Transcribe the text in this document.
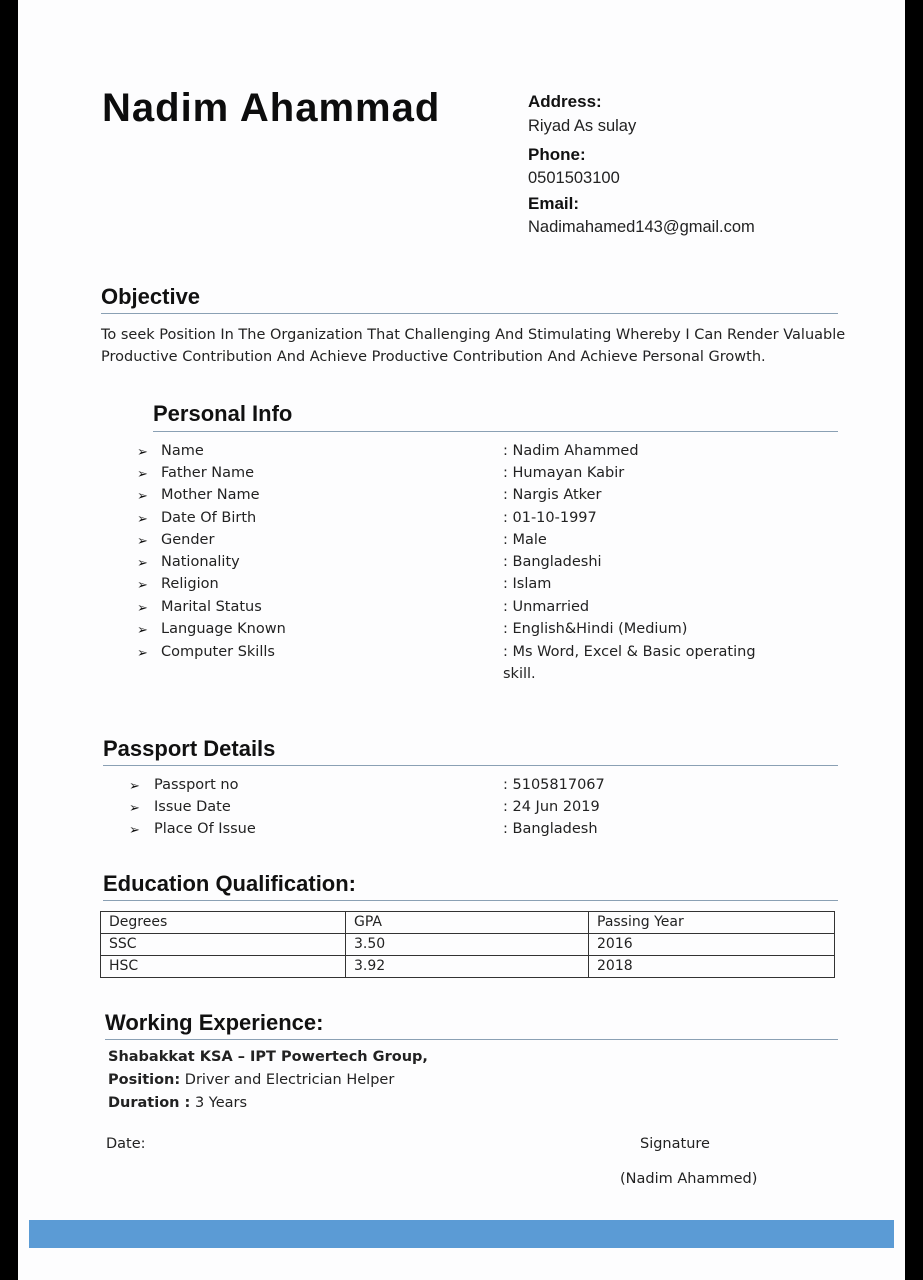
Nadim Ahammad	Address:
Riyad As sulay
Phone:
0501503100
Email:
Nadimahamed143@gmail.com
Objective
To seek Position In The Organization That Challenging And Stimulating Whereby I Can Render Valuable
Productive Contribution And Achieve Productive Contribution And Achieve Personal Growth.
Personal Info
➢ Name	: Nadim Ahammed
➢ Father Name	: Humayan Kabir
➢ Mother Name	: Nargis Atker
➢ Date Of Birth	: 01-10-1997
➢ Gender	: Male
➢ Nationality	: Bangladeshi
➢ Religion	: Islam
➢ Marital Status	: Unmarried
➢ Language Known	: English&Hindi (Medium)
➢ Computer Skills	: Ms Word, Excel & Basic operating
skill.
Passport Details
➢ Passport no	: 5105817067
➢ Issue Date	: 24 Jun 2019
➢ Place Of Issue	: Bangladesh
Education Qualification:
Degrees	GPA	Passing Year
SSC	3.50	2016
HSC	3.92	2018
Working Experience:
Shabakkat KSA – IPT Powertech Group,
Position: Driver and Electrician Helper
Duration : 3 Years
Date:	Signature
(Nadim Ahammed)
